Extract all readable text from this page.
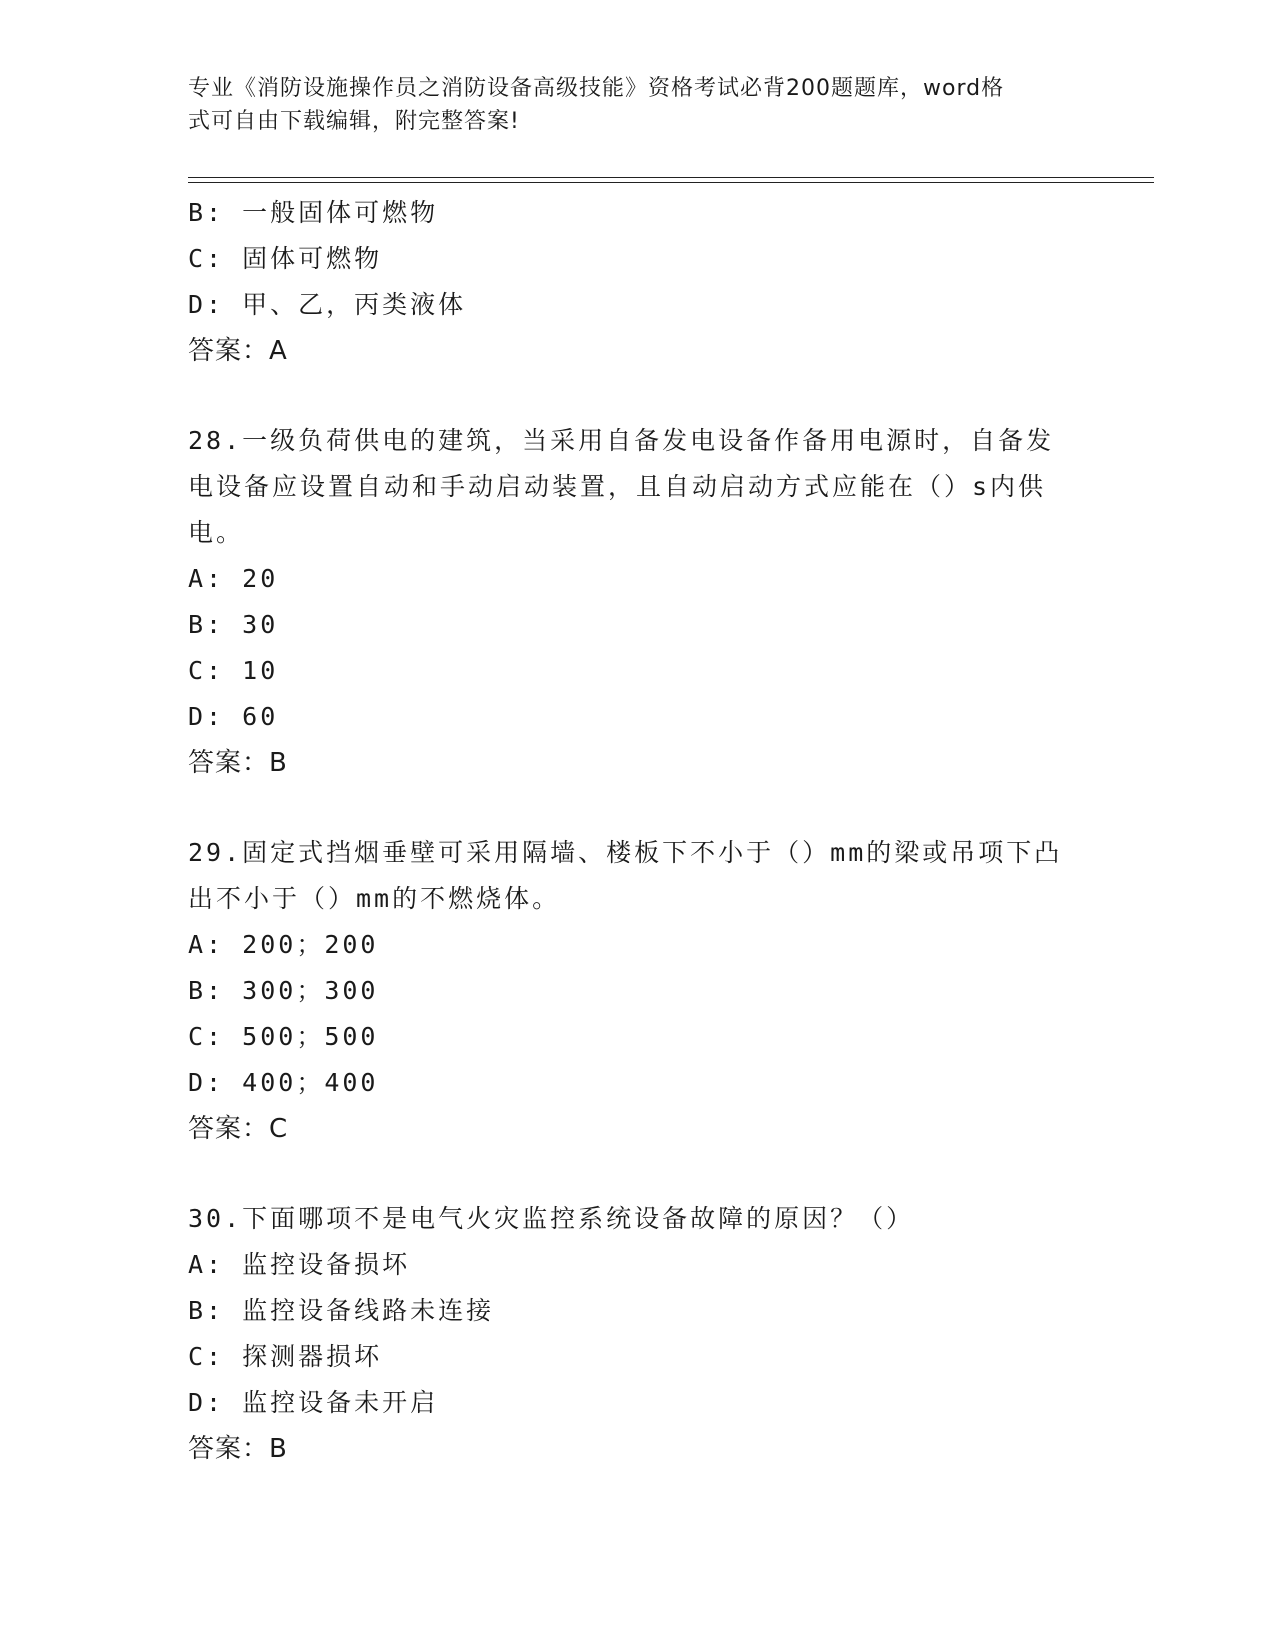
专业《消防设施操作员之消防设备高级技能》资格考试必背200题题库，word格
式可自由下载编辑，附完整答案!
B: 一般固体可燃物
C: 固体可燃物
D: 甲、乙，丙类液体
答案：A
28.一级负荷供电的建筑，当采用自备发电设备作备用电源时，自备发
电设备应设置自动和手动启动装置，且自动启动方式应能在（）s内供
电。
A: 20
B: 30
C: 10
D: 60
答案：B
29.固定式挡烟垂壁可采用隔墙、楼板下不小于（）mm的梁或吊项下凸
出不小于（）mm的不燃烧体。
A: 200；200
B: 300；300
C: 500；500
D: 400；400
答案：C
30.下面哪项不是电气火灾监控系统设备故障的原因？（）
A: 监控设备损坏
B: 监控设备线路未连接
C: 探测器损坏
D: 监控设备未开启
答案：B
